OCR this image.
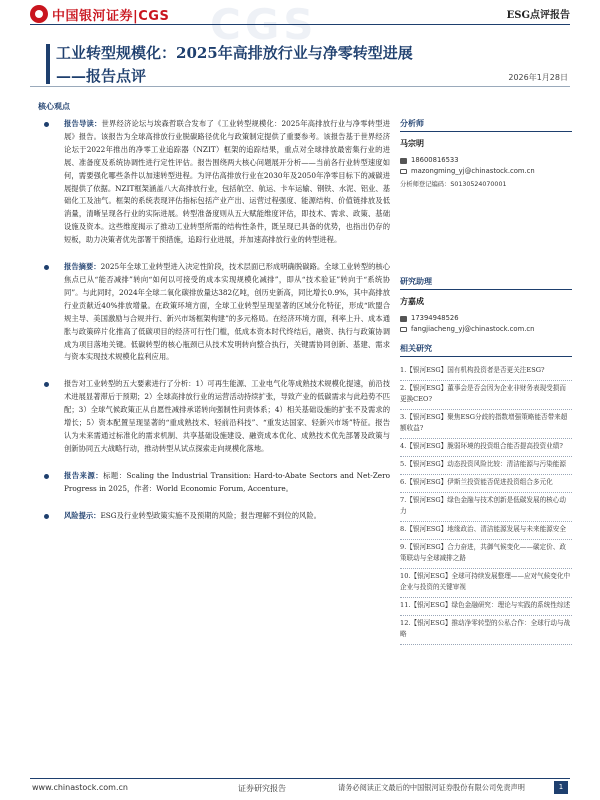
CGS
中国银河证券|CGS	ESG点评报告
工业转型规模化：2025年高排放行业与净零转型进展
——报告点评	2026年1月28日
核心观点
报告导读：世界经济论坛与埃森哲联合发布了《工业转型规模化：2025年高排放行业与净零转型进展》报告。该报告为全球高排放行业脱碳路径优化与政策制定提供了重要参考。该报告基于世界经济论坛于2022年推出的净零工业追踪器（NZIT）框架的追踪结果，重点对全球排放最密集行业的进展、准备度及系统协调性进行定性评估。报告围绕两大核心问题展开分析——当前各行业转型速度如何，需要强化哪些条件以加速转型进程。为评估高排放行业在2030年及2050年净零目标下的减碳进展提供了依据。NZIT框架涵盖八大高排放行业，包括航空、航运、卡车运输、钢铁、水泥、铝业、基础化工及油气。框架的系统表现评估指标包括产业产出、运营过程强度、能源结构、价值链排放及低消量，清晰呈现各行业的实际进展。转型准备度则从五大赋能维度评估，即技术、需求、政策、基础设施及资本。这些维度揭示了推动工业转型所需的结构性条件，既呈现已具备的优势，也指出仍存的短板，助力决策者优先部署干预措施，追踪行业进展，并加速高排放行业的转型进程。
报告摘要：2025年全球工业转型进入决定性阶段，技术层面已形成明确脱碳路。全球工业转型的核心焦点已从“能否减排”转向“如何以可接受的成本实现规模化减排”，即从“技术验证”转向于“系统协同”。与此同时，2024年全球二氧化碳排放量达382亿吨，创历史新高，同比增长0.9%，其中高排放行业贡献近40%排放增量。在政策环境方面，全球工业转型呈现显著的区域分化特征，形成“欧盟合规主导、美国激励与合规并行、新兴市场框架构建”的多元格局。在经济环境方面，利率上升、成本通胀与政策碎片化推高了低碳项目的经济可行性门槛，低成本资本时代终结后，融资、执行与政策协调成为项目落地关键。低碳转型的核心瓶颈已从技术发明转向整合执行，关键需协同创新、基建、需求与资本实现技术规模化监利应用。
报告对工业转型的五大要素进行了分析：1）可再生能源、工业电气化等成熟技术规模化提速，前沿技术进展显著滞后于预期；2）全球高排放行业的运营活动持续扩张，导致产业的低碳需求与此趋势不匹配；3）全球气候政策正从自愿性减排承诺转向强制性问责体系；4）相关基础设施的扩张不及需求的增长；5）资本配置呈现显著的“重成熟技术、轻前沿科技”、“重发达国家、轻新兴市场”特征。报告认为未来需通过标准化的需求机制、共享基础设施建设、融资成本优化、成熟技术优先部署及政策与创新协同五大战略行动，推动转型从试点探索走向规模化落地。
报告来源：标题：Scaling the Industrial Transition: Hard-to-Abate Sectors and Net-Zero Progress in 2025，作者：World Economic Forum, Accenture。
风险提示：ESG及行业转型政策实施不及预期的风险；报告理解不到位的风险。
分析师
马宗明
18600816533
mazongming_yj@chinastock.com.cn
分析师登记编码：S0130524070001
研究助理
方嘉成
17394948526
fangjiacheng_yj@chinastock.com.cn
相关研究
1.【银河ESG】国有机构投资者是否更关注ESG?
2.【银河ESG】董事会是否会因为企业非财务表现受损而更换CEO?
3.【银河ESG】聚焦ESG分歧的指数增强策略能否带来超额收益?
4.【银河ESG】脆弱环境的投资组合能否提高投资业绩?
5.【银河ESG】动态投资风险比较：清洁能源与污染能源
6.【银河ESG】伊斯兰投资能否促进投资组合多元化
7.【银河ESG】绿色金融与技术创新是低碳发展的核心动力
8.【银河ESG】地缘政治、清洁能源发展与未来能源安全
9.【银河ESG】合力奋进，共御气候变化——碳定价、政策联动与全球减排之路
10.【银河ESG】全球可持续发展整理——应对气候变化中企业与投资的关键审视
11.【银河ESG】绿色金融研究：理论与实践的系统性综述
12.【银河ESG】推动净零转型的公私合作：全球行动与战略
www.chinastock.com.cn	证券研究报告	请务必阅读正文最后的中国银河证券股份有限公司免责声明	1
